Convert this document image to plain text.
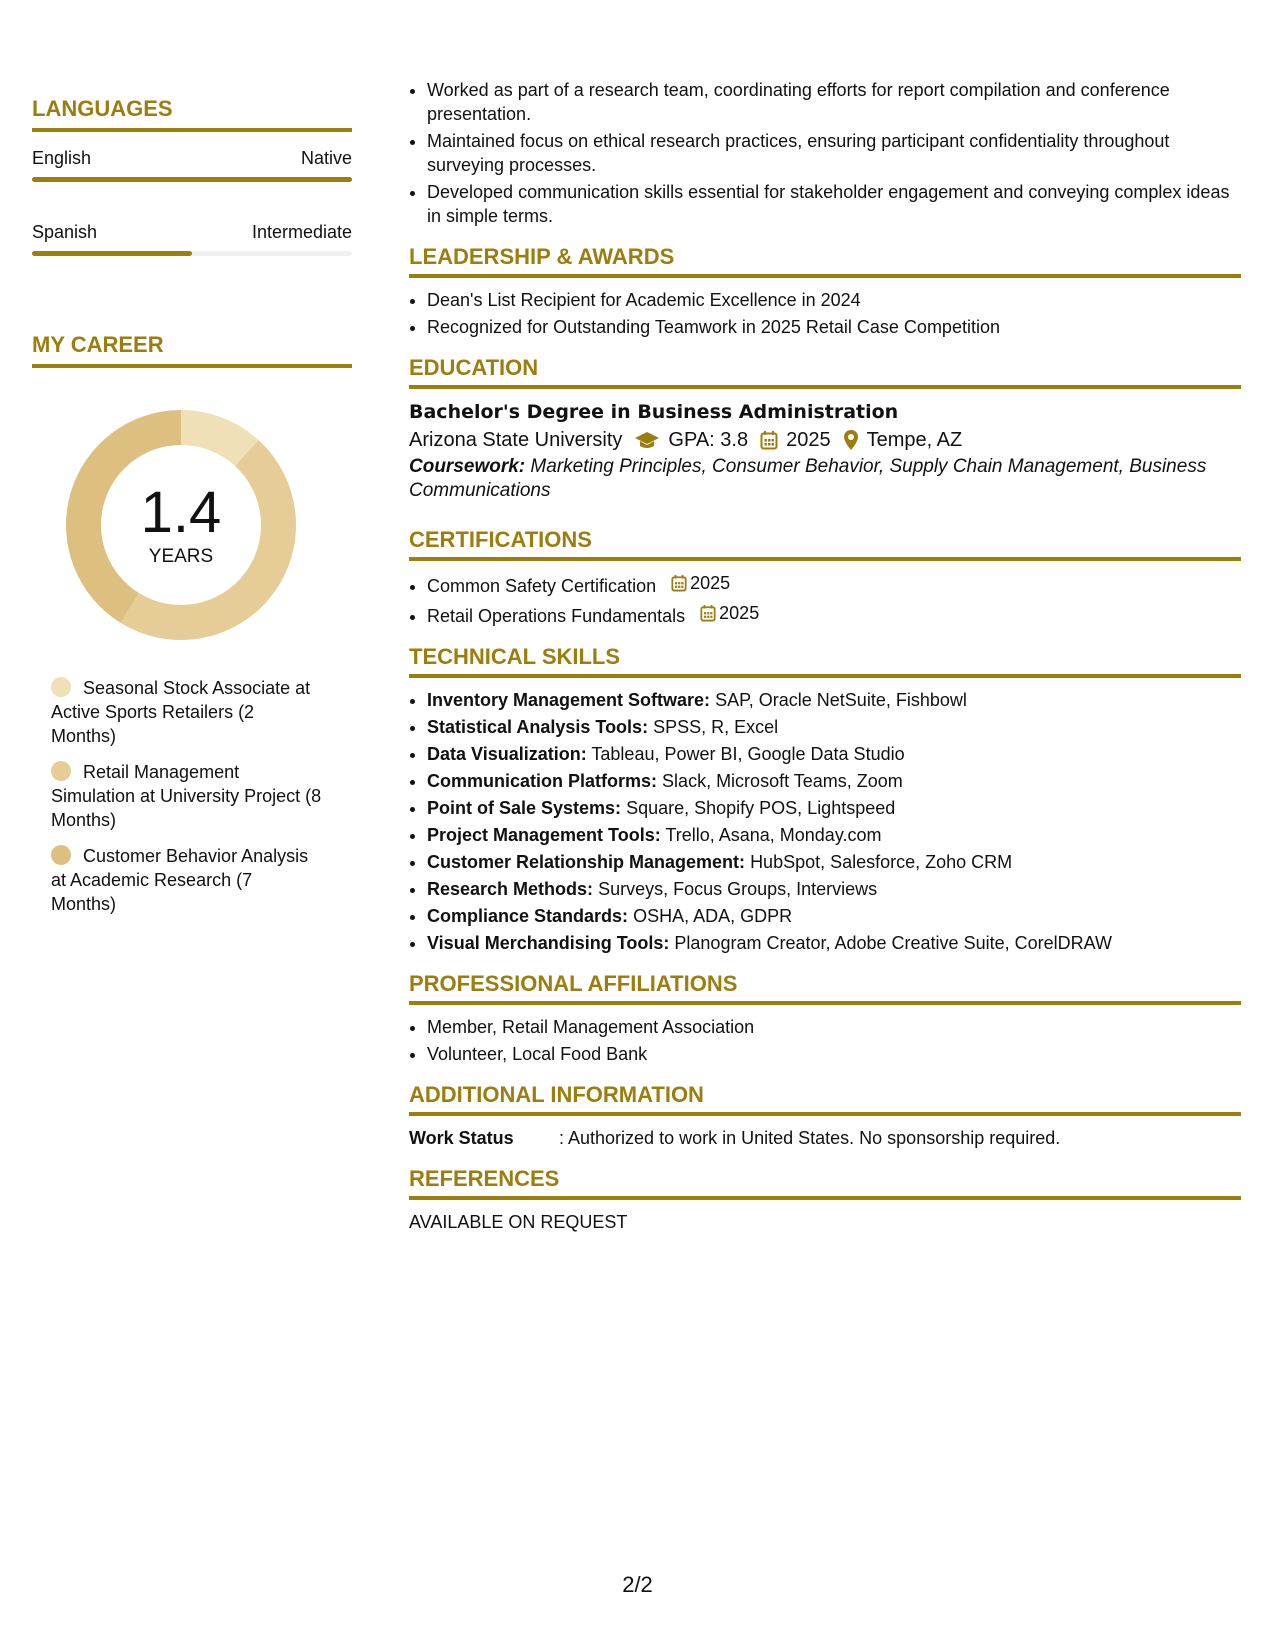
LANGUAGES
English	Native
Spanish	Intermediate
MY CAREER
1.4
YEARS
Seasonal Stock Associate at Active Sports Retailers (2 Months)
Retail Management Simulation at University Project (8 Months)
Customer Behavior Analysis at Academic Research (7 Months)
• Worked as part of a research team, coordinating efforts for report compilation and conference presentation.
• Maintained focus on ethical research practices, ensuring participant confidentiality throughout surveying processes.
• Developed communication skills essential for stakeholder engagement and conveying complex ideas in simple terms.
LEADERSHIP & AWARDS
• Dean's List Recipient for Academic Excellence in 2024
• Recognized for Outstanding Teamwork in 2025 Retail Case Competition
EDUCATION
Bachelor's Degree in Business Administration
Arizona State University GPA: 3.8 2025 Tempe, AZ
Coursework: Marketing Principles, Consumer Behavior, Supply Chain Management, Business Communications
CERTIFICATIONS
• Common Safety Certification 2025
• Retail Operations Fundamentals 2025
TECHNICAL SKILLS
• Inventory Management Software: SAP, Oracle NetSuite, Fishbowl
• Statistical Analysis Tools: SPSS, R, Excel
• Data Visualization: Tableau, Power BI, Google Data Studio
• Communication Platforms: Slack, Microsoft Teams, Zoom
• Point of Sale Systems: Square, Shopify POS, Lightspeed
• Project Management Tools: Trello, Asana, Monday.com
• Customer Relationship Management: HubSpot, Salesforce, Zoho CRM
• Research Methods: Surveys, Focus Groups, Interviews
• Compliance Standards: OSHA, ADA, GDPR
• Visual Merchandising Tools: Planogram Creator, Adobe Creative Suite, CorelDRAW
PROFESSIONAL AFFILIATIONS
• Member, Retail Management Association
• Volunteer, Local Food Bank
ADDITIONAL INFORMATION
Work Status	: Authorized to work in United States. No sponsorship required.
REFERENCES
AVAILABLE ON REQUEST
2/2
